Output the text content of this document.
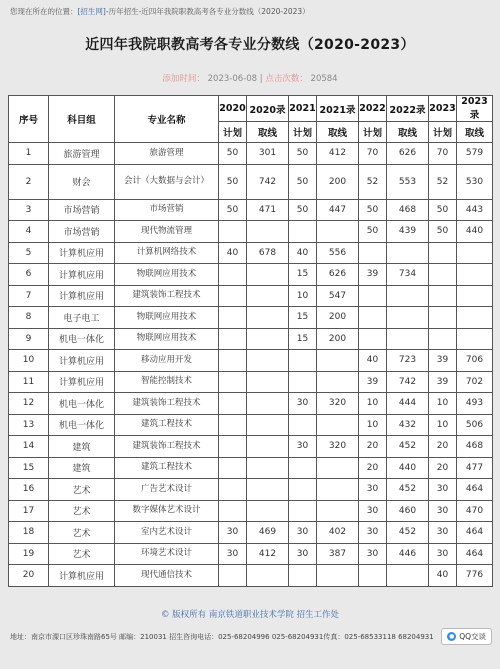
您现在所在的位置：[招生网]-历年招生-近四年我院职教高考各专业分数线（2020-2023）
近四年我院职教高考各专业分数线（2020-2023）
添加时间： 2023-06-08 | 点击次数： 20584
序号	科目组	专业名称	2020	2020录	2021	2021录	2022	2022录	2023	2023录
			计划	取线	计划	取线	计划	取线	计划	取线
1	旅游管理	旅游管理	50	301	50	412	70	626	70	579
2	财会	会计（大数据与会计）	50	742	50	200	52	553	52	530
3	市场营销	市场营销	50	471	50	447	50	468	50	443
4	市场营销	现代物流管理					50	439	50	440
5	计算机应用	计算机网络技术	40	678	40	556				
6	计算机应用	物联网应用技术			15	626	39	734		
7	计算机应用	建筑装饰工程技术			10	547				
8	电子电工	物联网应用技术			15	200				
9	机电一体化	物联网应用技术			15	200				
10	计算机应用	移动应用开发					40	723	39	706
11	计算机应用	智能控制技术					39	742	39	702
12	机电一体化	建筑装饰工程技术			30	320	10	444	10	493
13	机电一体化	建筑工程技术					10	432	10	506
14	建筑	建筑装饰工程技术			30	320	20	452	20	468
15	建筑	建筑工程技术					20	440	20	477
16	艺术	广告艺术设计					30	452	30	464
17	艺术	数字媒体艺术设计					30	460	30	470
18	艺术	室内艺术设计	30	469	30	402	30	452	30	464
19	艺术	环境艺术设计	30	412	30	387	30	446	30	464
20	计算机应用	现代通信技术							40	776
© 版权所有 南京铁道职业技术学院 招生工作处
地址：南京市溧口区珍珠南路65号 邮编：210031 招生咨询电话：025-68204996 025-68204931传真：025-68533118 68204931	● QQ交谈
